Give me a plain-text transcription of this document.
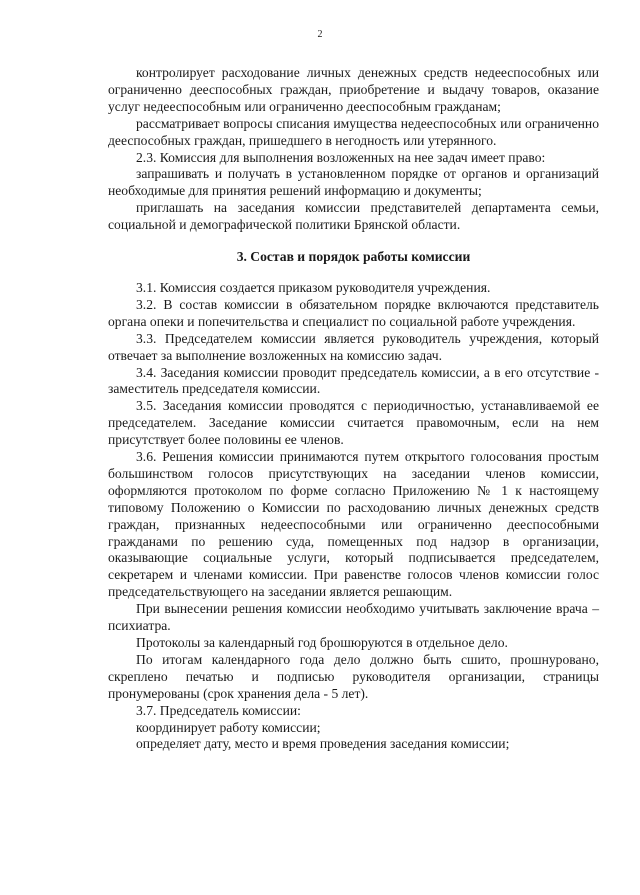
2

контролирует расходование личных денежных средств недееспособных или ограниченно дееспособных граждан, приобретение и выдачу товаров, оказание услуг недееспособным или ограниченно дееспособным гражданам;

рассматривает вопросы списания имущества недееспособных или ограниченно дееспособных граждан, пришедшего в негодность или утерянного.

2.3. Комиссия для выполнения возложенных на нее задач имеет право:

запрашивать и получать в установленном порядке от органов и организаций необходимые для принятия решений информацию и документы;

приглашать на заседания комиссии представителей департамента семьи, социальной и демографической политики Брянской области.

3. Состав и порядок работы комиссии

3.1. Комиссия создается приказом руководителя учреждения.

3.2. В состав комиссии в обязательном порядке включаются представитель органа опеки и попечительства и специалист по социальной работе учреждения.

3.3. Председателем комиссии является руководитель учреждения, который отвечает за выполнение возложенных на комиссию задач.

3.4. Заседания комиссии проводит председатель комиссии, а в его отсутствие - заместитель председателя комиссии.

3.5. Заседания комиссии проводятся с периодичностью, устанавливаемой ее председателем. Заседание комиссии считается правомочным, если на нем присутствует более половины ее членов.

3.6. Решения комиссии принимаются путем открытого голосования простым большинством голосов присутствующих на заседании членов комиссии, оформляются протоколом по форме согласно Приложению № 1 к настоящему типовому Положению о Комиссии по расходованию личных денежных средств граждан, признанных недееспособными или ограниченно дееспособными гражданами по решению суда, помещенных под надзор в организации, оказывающие социальные услуги, который подписывается председателем, секретарем и членами комиссии. При равенстве голосов членов комиссии голос председательствующего на заседании является решающим.

При вынесении решения комиссии необходимо учитывать заключение врача – психиатра.

Протоколы за календарный год брошюруются в отдельное дело.

По итогам календарного года дело должно быть сшито, прошнуровано, скреплено печатью и подписью руководителя организации, страницы пронумерованы (срок хранения дела - 5 лет).

3.7. Председатель комиссии:

координирует работу комиссии;

определяет дату, место и время проведения заседания комиссии;
